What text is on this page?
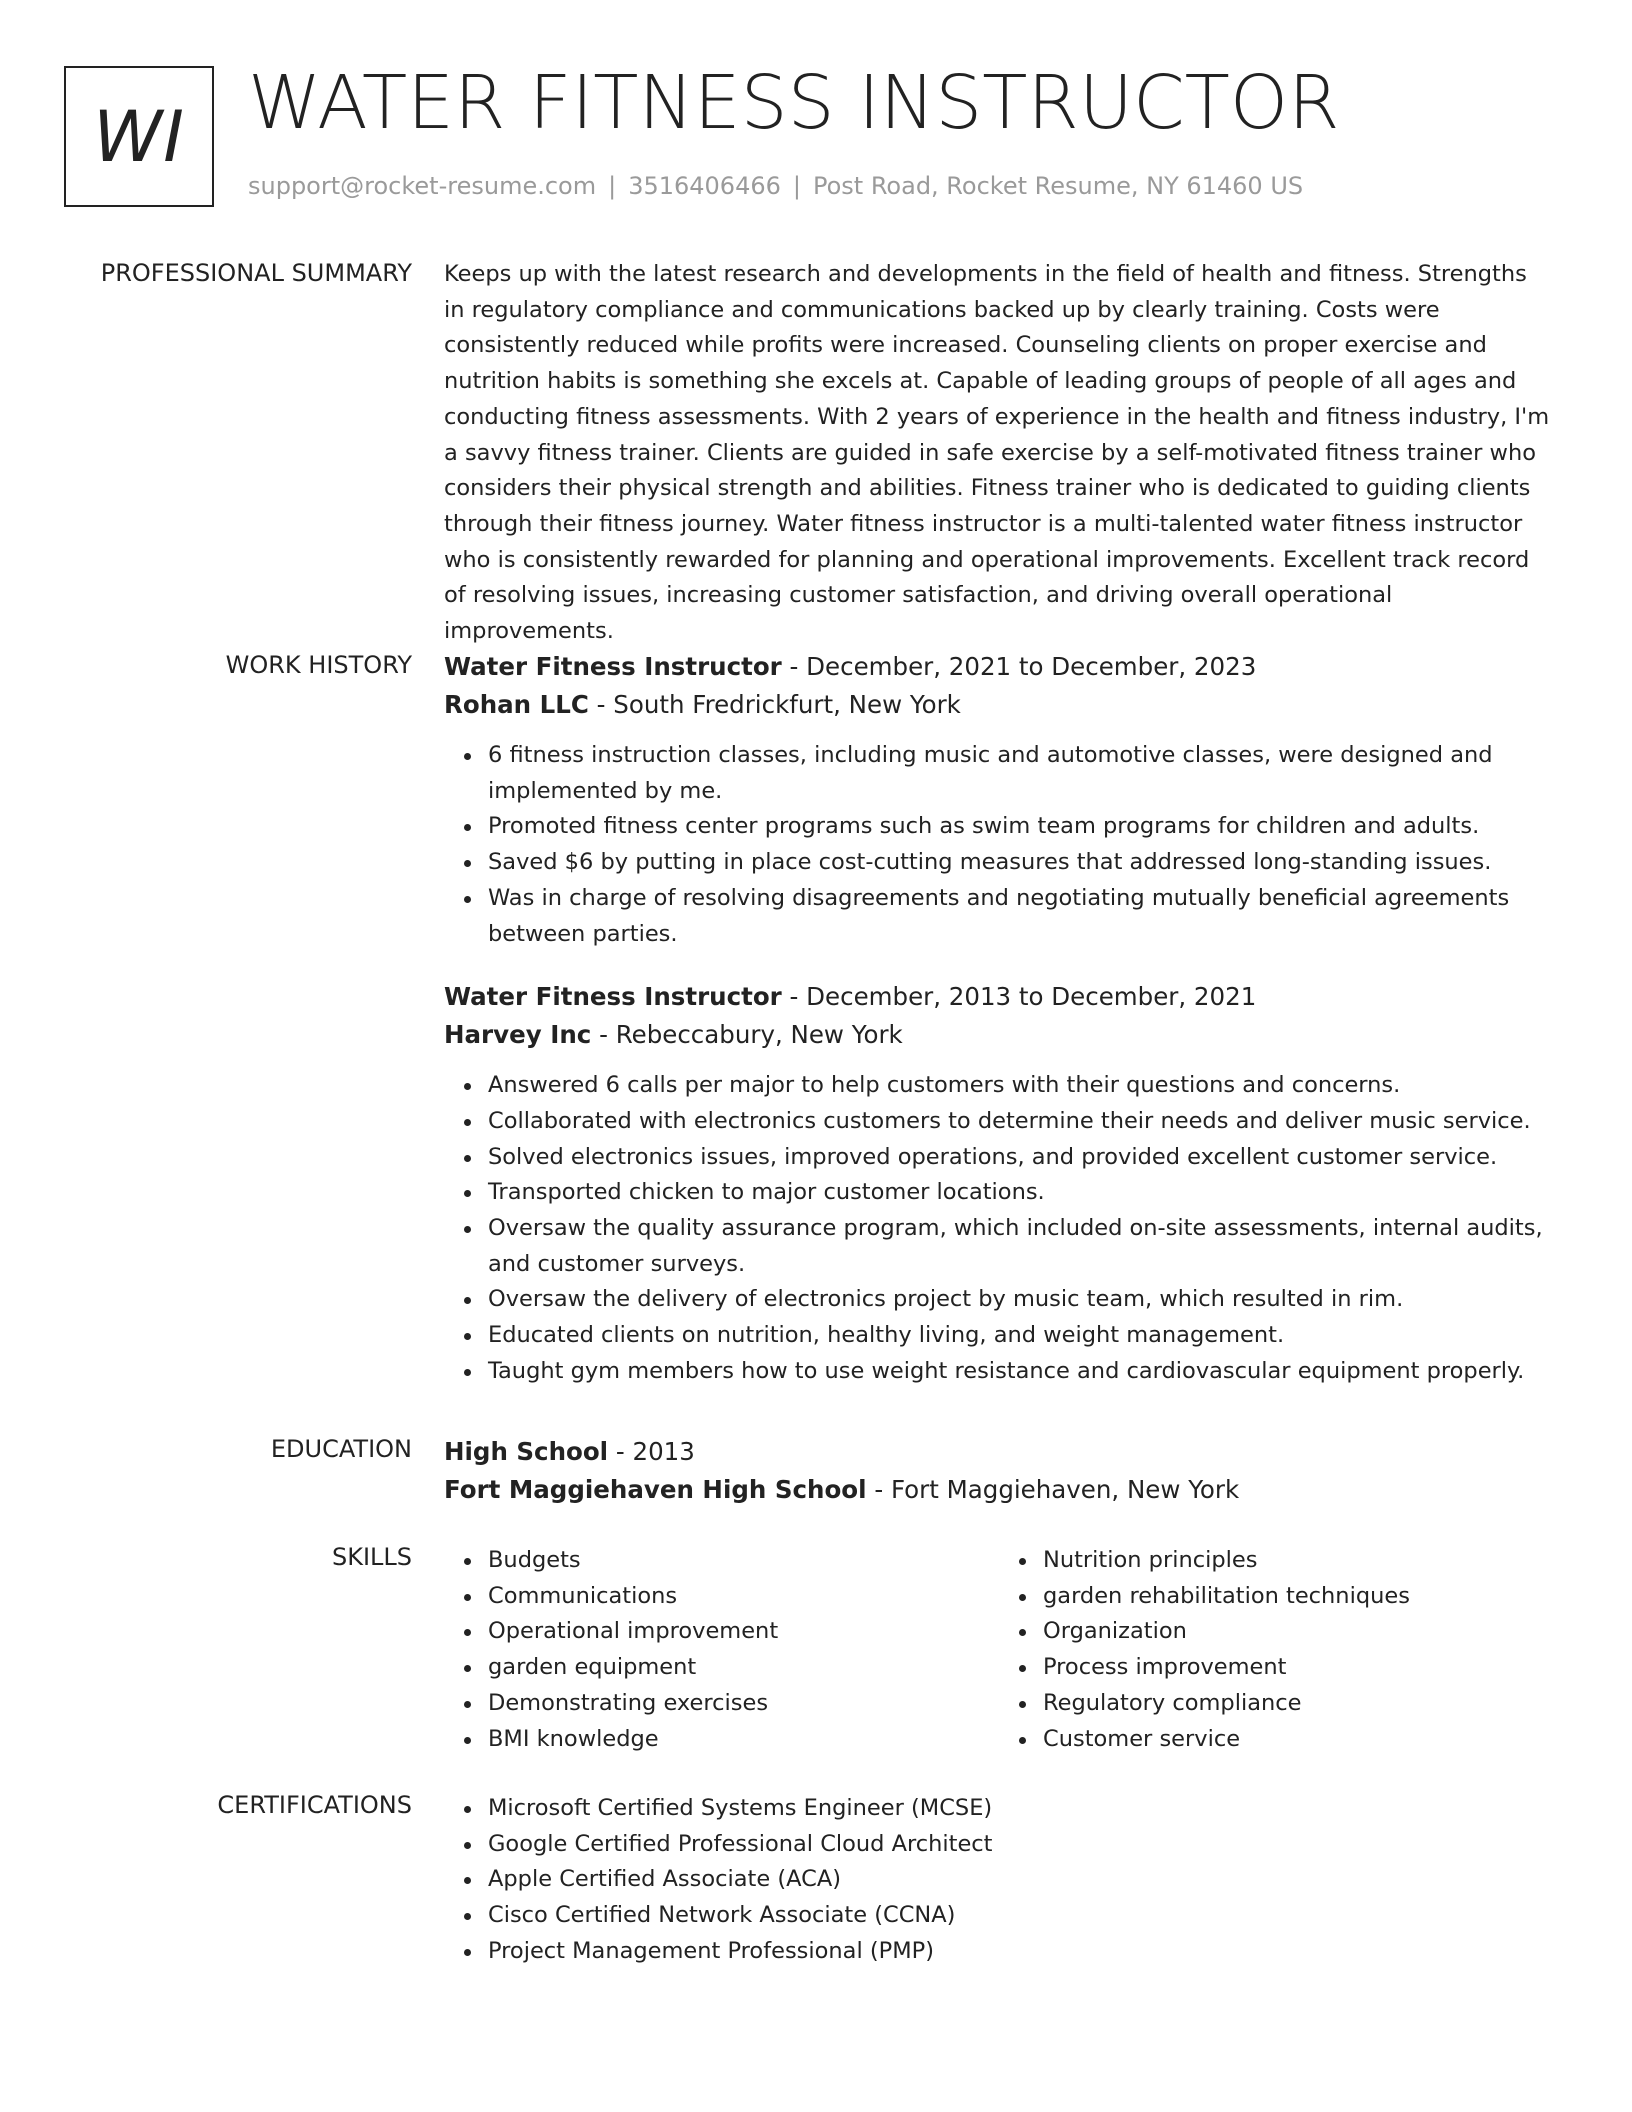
WI WATER FITNESS INSTRUCTOR
support@rocket-resume.com | 3516406466 | Post Road, Rocket Resume, NY 61460 US
PROFESSIONAL SUMMARY Keeps up with the latest research and developments in the field of health and fitness. Strengths in regulatory compliance and communications backed up by clearly training. Costs were consistently reduced while profits were increased. Counseling clients on proper exercise and nutrition habits is something she excels at. Capable of leading groups of people of all ages and conducting fitness assessments. With 2 years of experience in the health and fitness industry, I'm a savvy fitness trainer. Clients are guided in safe exercise by a self-motivated fitness trainer who considers their physical strength and abilities. Fitness trainer who is dedicated to guiding clients through their fitness journey. Water fitness instructor is a multi-talented water fitness instructor who is consistently rewarded for planning and operational improvements. Excellent track record of resolving issues, increasing customer satisfaction, and driving overall operational improvements.

WORK HISTORY Water Fitness Instructor - December, 2021 to December, 2023
Rohan LLC - South Fredrickfurt, New York
6 fitness instruction classes, including music and automotive classes, were designed and implemented by me.
Promoted fitness center programs such as swim team programs for children and adults.
Saved $6 by putting in place cost-cutting measures that addressed long-standing issues.
Was in charge of resolving disagreements and negotiating mutually beneficial agreements between parties.
Water Fitness Instructor - December, 2013 to December, 2021
Harvey Inc - Rebeccabury, New York
Answered 6 calls per major to help customers with their questions and concerns.
Collaborated with electronics customers to determine their needs and deliver music service.
Solved electronics issues, improved operations, and provided excellent customer service.
Transported chicken to major customer locations.
Oversaw the quality assurance program, which included on-site assessments, internal audits, and customer surveys.
Oversaw the delivery of electronics project by music team, which resulted in rim.
Educated clients on nutrition, healthy living, and weight management.
Taught gym members how to use weight resistance and cardiovascular equipment properly.
EDUCATION High School - 2013
Fort Maggiehaven High School - Fort Maggiehaven, New York
SKILLS	Budgets
Communications
Operational improvement
garden equipment
Demonstrating exercises
BMI knowledge
Nutrition principles
garden rehabilitation techniques
Organization
Process improvement
Regulatory compliance
Customer service
CERTIFICATIONS	Microsoft Certified Systems Engineer (MCSE)
Google Certified Professional Cloud Architect
Apple Certified Associate (ACA)
Cisco Certified Network Associate (CCNA)
Project Management Professional (PMP)
